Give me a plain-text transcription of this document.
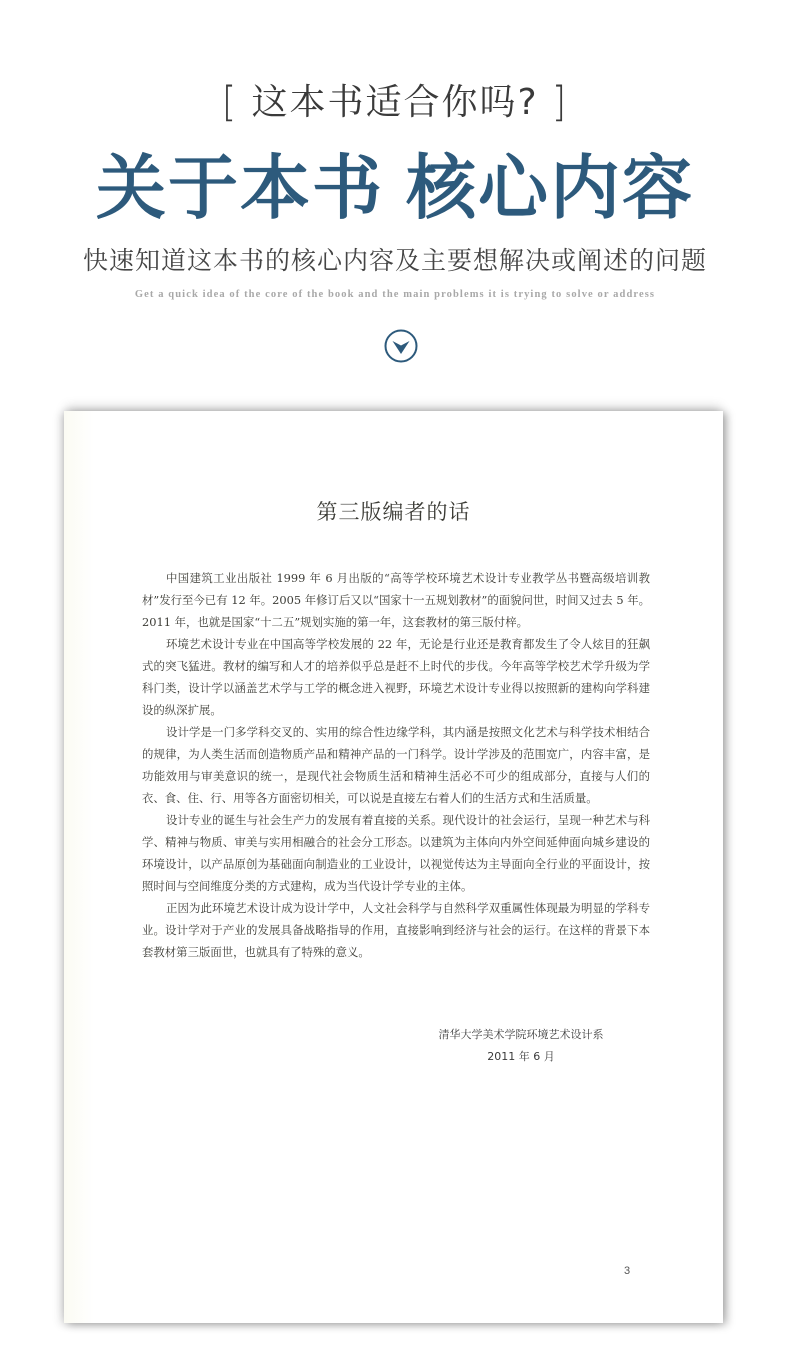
[ 这本书适合你吗? ]
关于本书 核心内容
快速知道这本书的核心内容及主要想解决或阐述的问题
Get a quick idea of the core of the book and the main problems it is trying to solve or address
第三版编者的话

中国建筑工业出版社 1999 年 6 月出版的“高等学校环境艺术设计专业教学丛书暨高级培训教材”发行至今已有 12 年。2005 年修订后又以“国家十一五规划教材”的面貌问世，时间又过去 5 年。2011 年，也就是国家“十二五”规划实施的第一年，这套教材的第三版付梓。

环境艺术设计专业在中国高等学校发展的 22 年，无论是行业还是教育都发生了令人炫目的狂飙式的突飞猛进。教材的编写和人才的培养似乎总是赶不上时代的步伐。今年高等学校艺术学升级为学科门类，设计学以涵盖艺术学与工学的概念进入视野，环境艺术设计专业得以按照新的建构向学科建设的纵深扩展。

设计学是一门多学科交叉的、实用的综合性边缘学科，其内涵是按照文化艺术与科学技术相结合的规律，为人类生活而创造物质产品和精神产品的一门科学。设计学涉及的范围宽广，内容丰富，是功能效用与审美意识的统一，是现代社会物质生活和精神生活必不可少的组成部分，直接与人们的衣、食、住、行、用等各方面密切相关，可以说是直接左右着人们的生活方式和生活质量。

设计专业的诞生与社会生产力的发展有着直接的关系。现代设计的社会运行，呈现一种艺术与科学、精神与物质、审美与实用相融合的社会分工形态。以建筑为主体向内外空间延伸面向城乡建设的环境设计，以产品原创为基础面向制造业的工业设计，以视觉传达为主导面向全行业的平面设计，按照时间与空间维度分类的方式建构，成为当代设计学专业的主体。

正因为此环境艺术设计成为设计学中，人文社会科学与自然科学双重属性体现最为明显的学科专业。设计学对于产业的发展具备战略指导的作用，直接影响到经济与社会的运行。在这样的背景下本套教材第三版面世，也就具有了特殊的意义。

清华大学美术学院环境艺术设计系
2011 年 6 月
3
